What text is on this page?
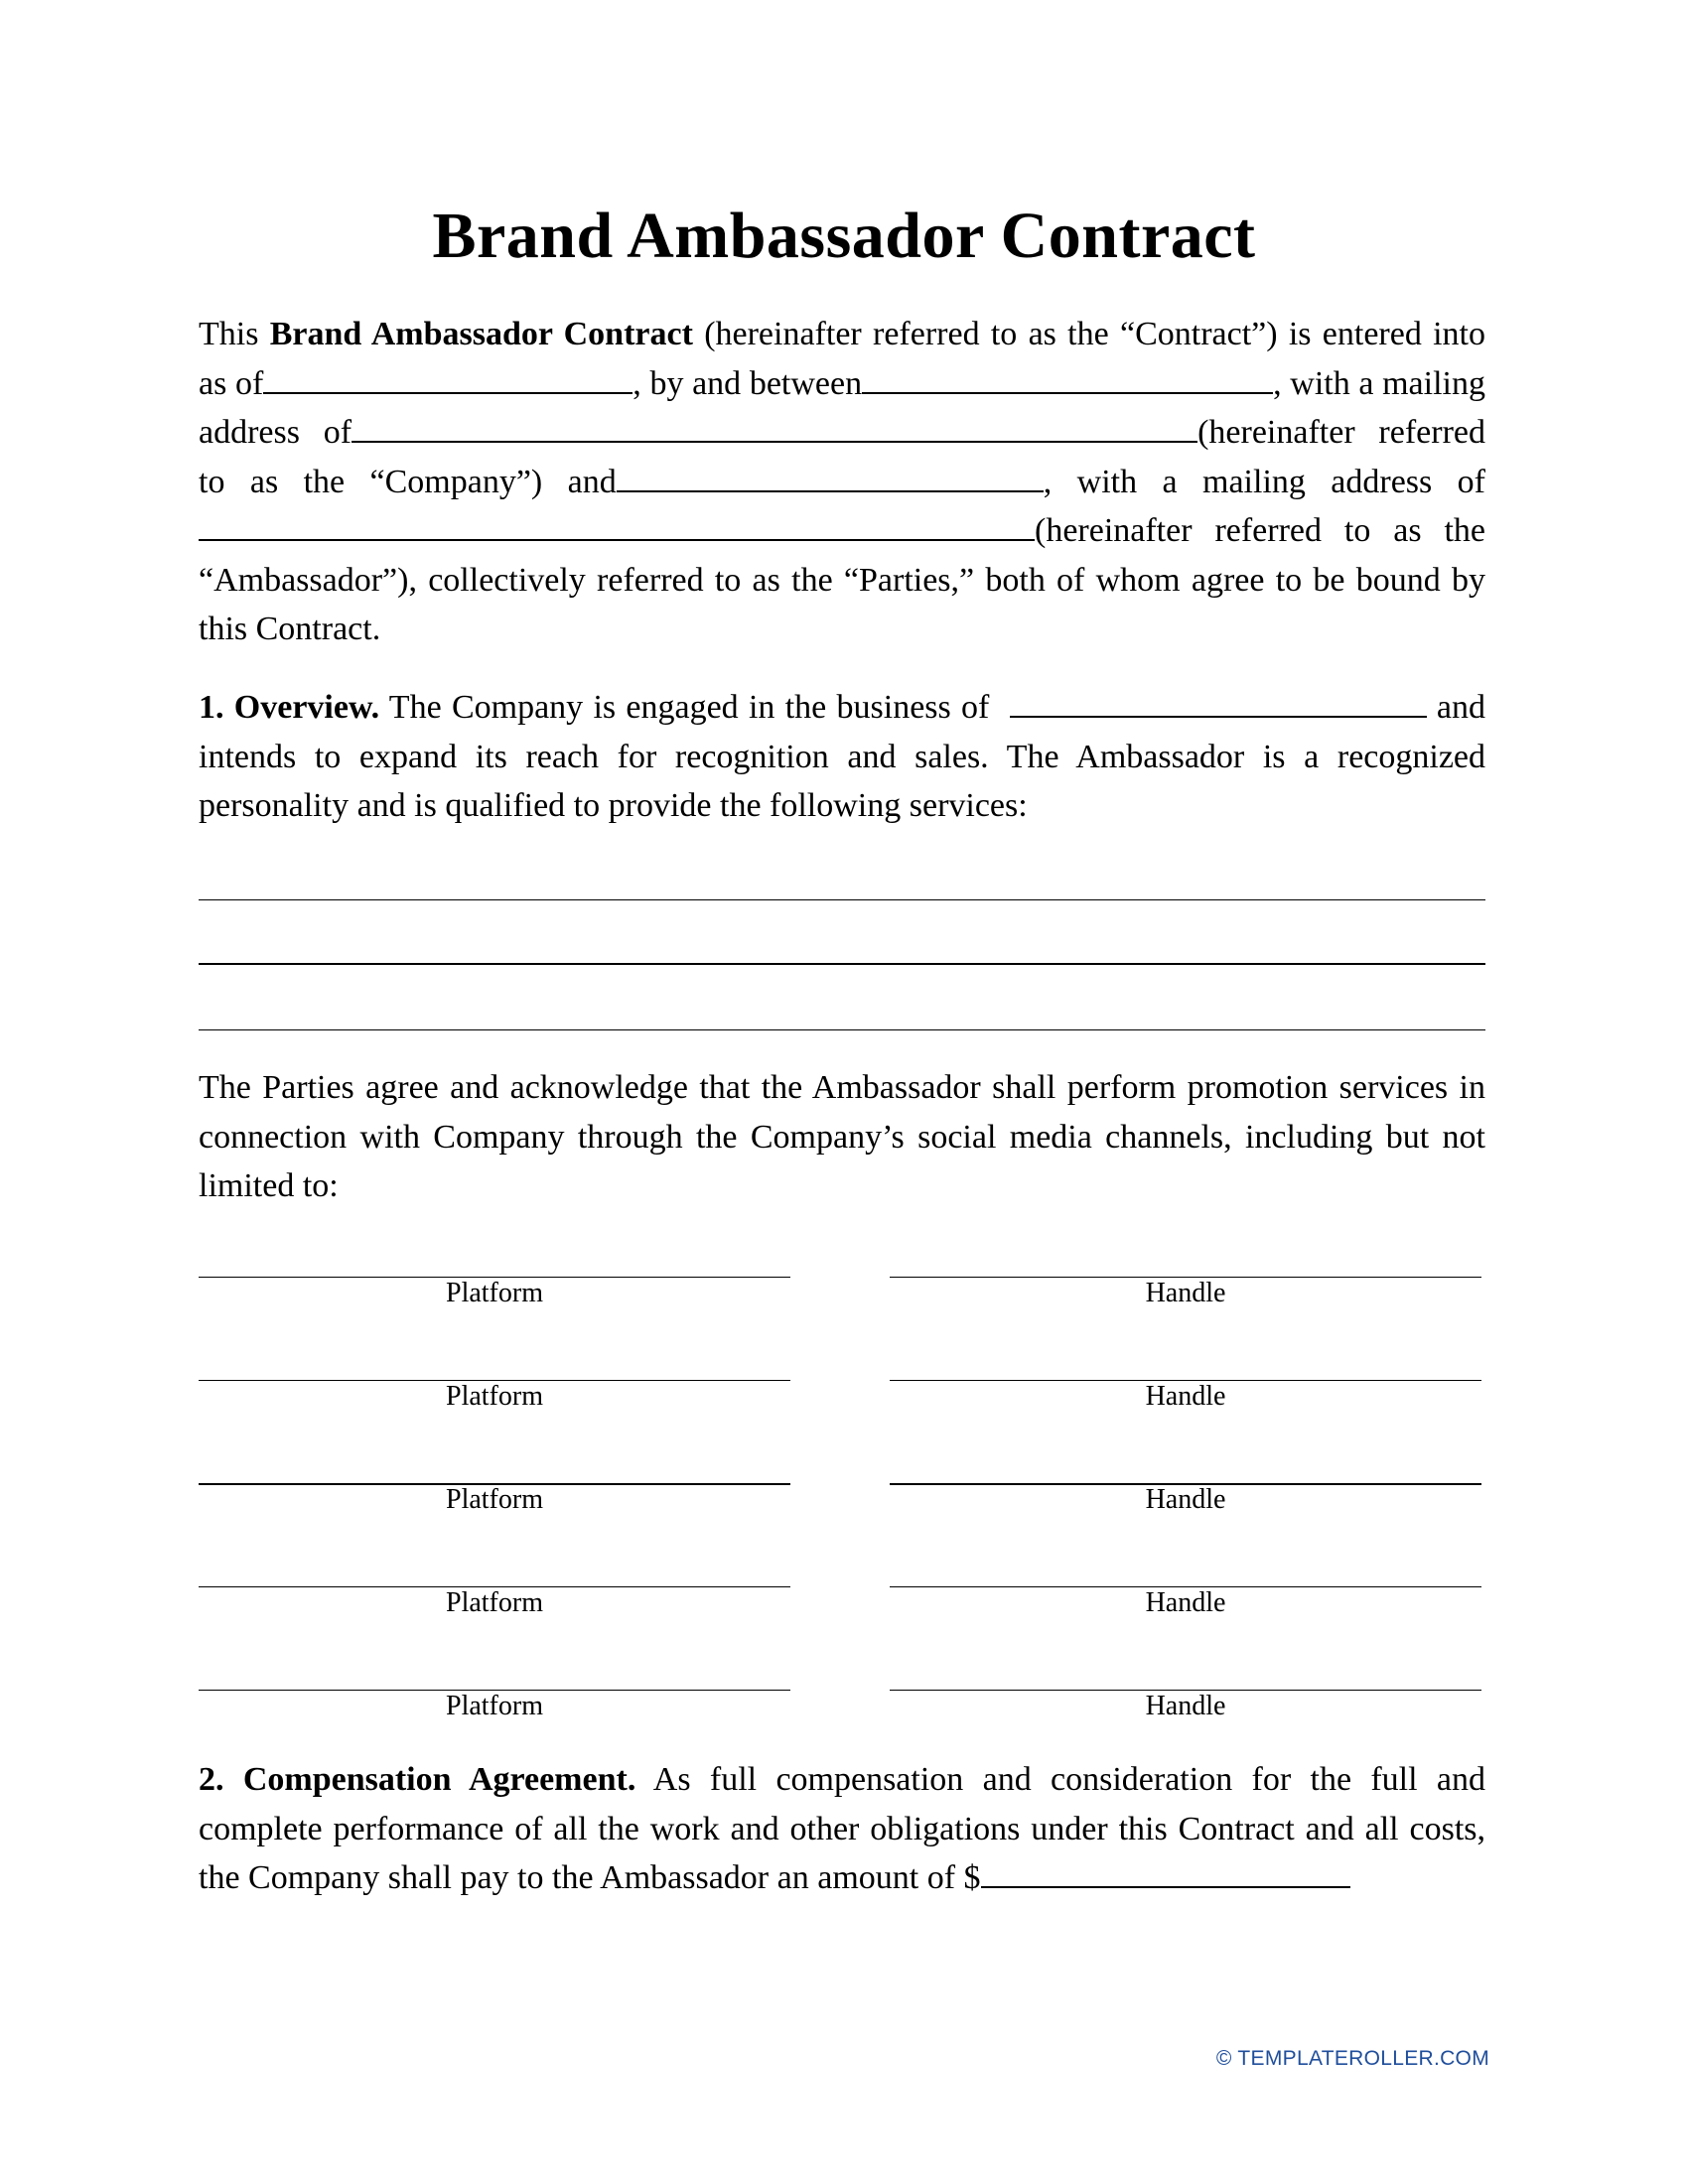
Brand Ambassador Contract
This Brand Ambassador Contract (hereinafter referred to as the “Contract”) is entered into as of	, by and between	, with a mailing address of	(hereinafter referred to as the “Company”) and	, with a mailing address of(hereinafter referred to as the “Ambassador”), collectively referred to as the “Parties,” both of whom agree to be bound by this Contract.
1. Overview. The Company is engaged in the business of	and intends to expand its reach for recognition and sales. The Ambassador is a recognized personality and is qualified to provide the following services:
The Parties agree and acknowledge that the Ambassador shall perform promotion services in connection with Company through the Company’s social media channels, including but not limited to:
Platform	Handle
Platform	Handle
Platform	Handle
Platform	Handle
Platform	Handle
2. Compensation Agreement. As full compensation and consideration for the full and complete performance of all the work and other obligations under this Contract and all costs, the Company shall pay to the Ambassador an amount of $
© TEMPLATEROLLER.COM
